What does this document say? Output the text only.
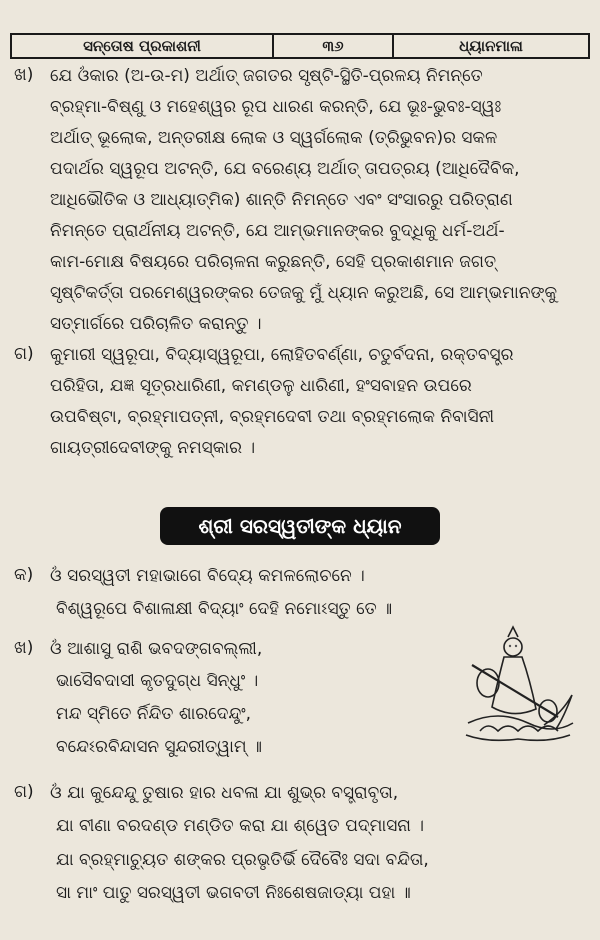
ସନ୍ତୋଷ ପ୍ରକାଶନୀ	୩୬	ଧ୍ୟାନମାଳା
ଖ) ଯେ ଓଁକାର (ଅ-ଉ-ମ) ଅର୍ଥାତ୍ ଜଗତର ସୃଷ୍ଟି-ସ୍ଥିତି-ପ୍ରଳୟ ନିମନ୍ତେ
ବ୍ରହ୍ମା-ବିଷ୍ଣୁ ଓ ମହେଶ୍ୱର ରୂପ ଧାରଣ କରନ୍ତି, ଯେ ଭୂଃ-ଭୁବଃ-ସ୍ୱଃ
ଅର୍ଥାତ୍ ଭୂଲୋକ, ଅନ୍ତରୀକ୍ଷ ଲୋକ ଓ ସ୍ୱର୍ଗଲୋକ (ତ୍ରିଭୁବନ)ର ସକଳ
ପଦାର୍ଥର ସ୍ୱରୂପ ଅଟନ୍ତି, ଯେ ବରେଣ୍ୟ ଅର୍ଥାତ୍ ତାପତ୍ରୟ (ଆଧିଦୈବିକ,
ଆଧିଭୌତିକ ଓ ଆଧ୍ୟାତ୍ମିକ) ଶାନ୍ତି ନିମନ୍ତେ ଏବଂ ସଂସାରରୁ ପରିତ୍ରାଣ
ନିମନ୍ତେ ପ୍ରାର୍ଥନୀୟ ଅଟନ୍ତି, ଯେ ଆମ୍ଭମାନଙ୍କର ବୁଦ୍ଧିକୁ ଧର୍ମ-ଅର୍ଥ-
କାମ-ମୋକ୍ଷ ବିଷୟରେ ପରିଚାଳନା କରୁଛନ୍ତି, ସେହି ପ୍ରକାଶମାନ ଜଗତ୍
ସୃଷ୍ଟିକର୍ତ୍ତା ପରମେଶ୍ୱରଙ୍କର ତେଜକୁ ମୁଁ ଧ୍ୟାନ କରୁଅଛି, ସେ ଆମ୍ଭମାନଙ୍କୁ
ସତ୍‌ମାର୍ଗରେ ପରିଚାଳିତ କରାନ୍ତୁ ।
ଗ) କୁମାରୀ ସ୍ୱରୂପା, ବିଦ୍ୟାସ୍ୱରୂପା, ଲୋହିତବର୍ଣ୍ଣା, ଚତୁର୍ବଦନା, ରକ୍ତବସ୍ତ୍ର
ପରିହିତା, ଯଜ୍ଞ ସୂତ୍ରଧାରିଣୀ, କମଣ୍ଡଳୁ ଧାରିଣୀ, ହଂସବାହନ ଉପରେ
ଉପବିଷ୍ଟା, ବ୍ରହ୍ମାପତ୍ନୀ, ବ୍ରହ୍ମଦେବୀ ତଥା ବ୍ରହ୍ମଲୋକ ନିବାସିନୀ
ଗାୟତ୍ରୀଦେବୀଙ୍କୁ ନମସ୍କାର ।
ଶ୍ରୀ ସରସ୍ୱତୀଙ୍କ ଧ୍ୟାନ
କ) ଓଁ ସରସ୍ୱତୀ ମହାଭାଗେ ବିଦ୍ୟେ କମଳଲୋଚନେ ।
ବିଶ୍ୱରୂପେ ବିଶାଳାକ୍ଷୀ ବିଦ୍ୟାଂ ଦେହି ନମୋଽସ୍ତୁ ତେ ॥
ଖ) ଓଁ ଆଶାସୁ ରାଶି ଭବଦଙ୍ଗବଲ୍ଲୀ,
ଭାସୈବଦାସୀ କୃତଦୁଗ୍ଧ ସିନ୍ଧୁଂ ।
ମନ୍ଦ ସ୍ମିତେ ର୍ନିନ୍ଦିତ ଶାରଦେନ୍ଦୁଂ,
ବନ୍ଦେଽରବିନ୍ଦାସନ ସୁନ୍ଦରୀତ୍ୱାମ୍ ॥
ଗ) ଓଁ ଯା କୁନ୍ଦେନ୍ଦୁ ତୁଷାର ହାର ଧବଳା ଯା ଶୁଭ୍ର ବସ୍ତ୍ରାବୃତା,
ଯା ବୀଣା ବରଦଣ୍ଡ ମଣ୍ଡିତ କରା ଯା ଶ୍ୱେତ ପଦ୍ମାସନା ।
ଯା ବ୍ରହ୍ମାଚ୍ୟୁତ ଶଙ୍କର ପ୍ରଭୃତିର୍ଭି ଦୈବୈଃ ସଦା ବନ୍ଦିତା,
ସା ମାଂ ପାତୁ ସରସ୍ୱତୀ ଭଗବତୀ ନିଃଶେଷଜାଡ୍ୟା ପହା ॥
